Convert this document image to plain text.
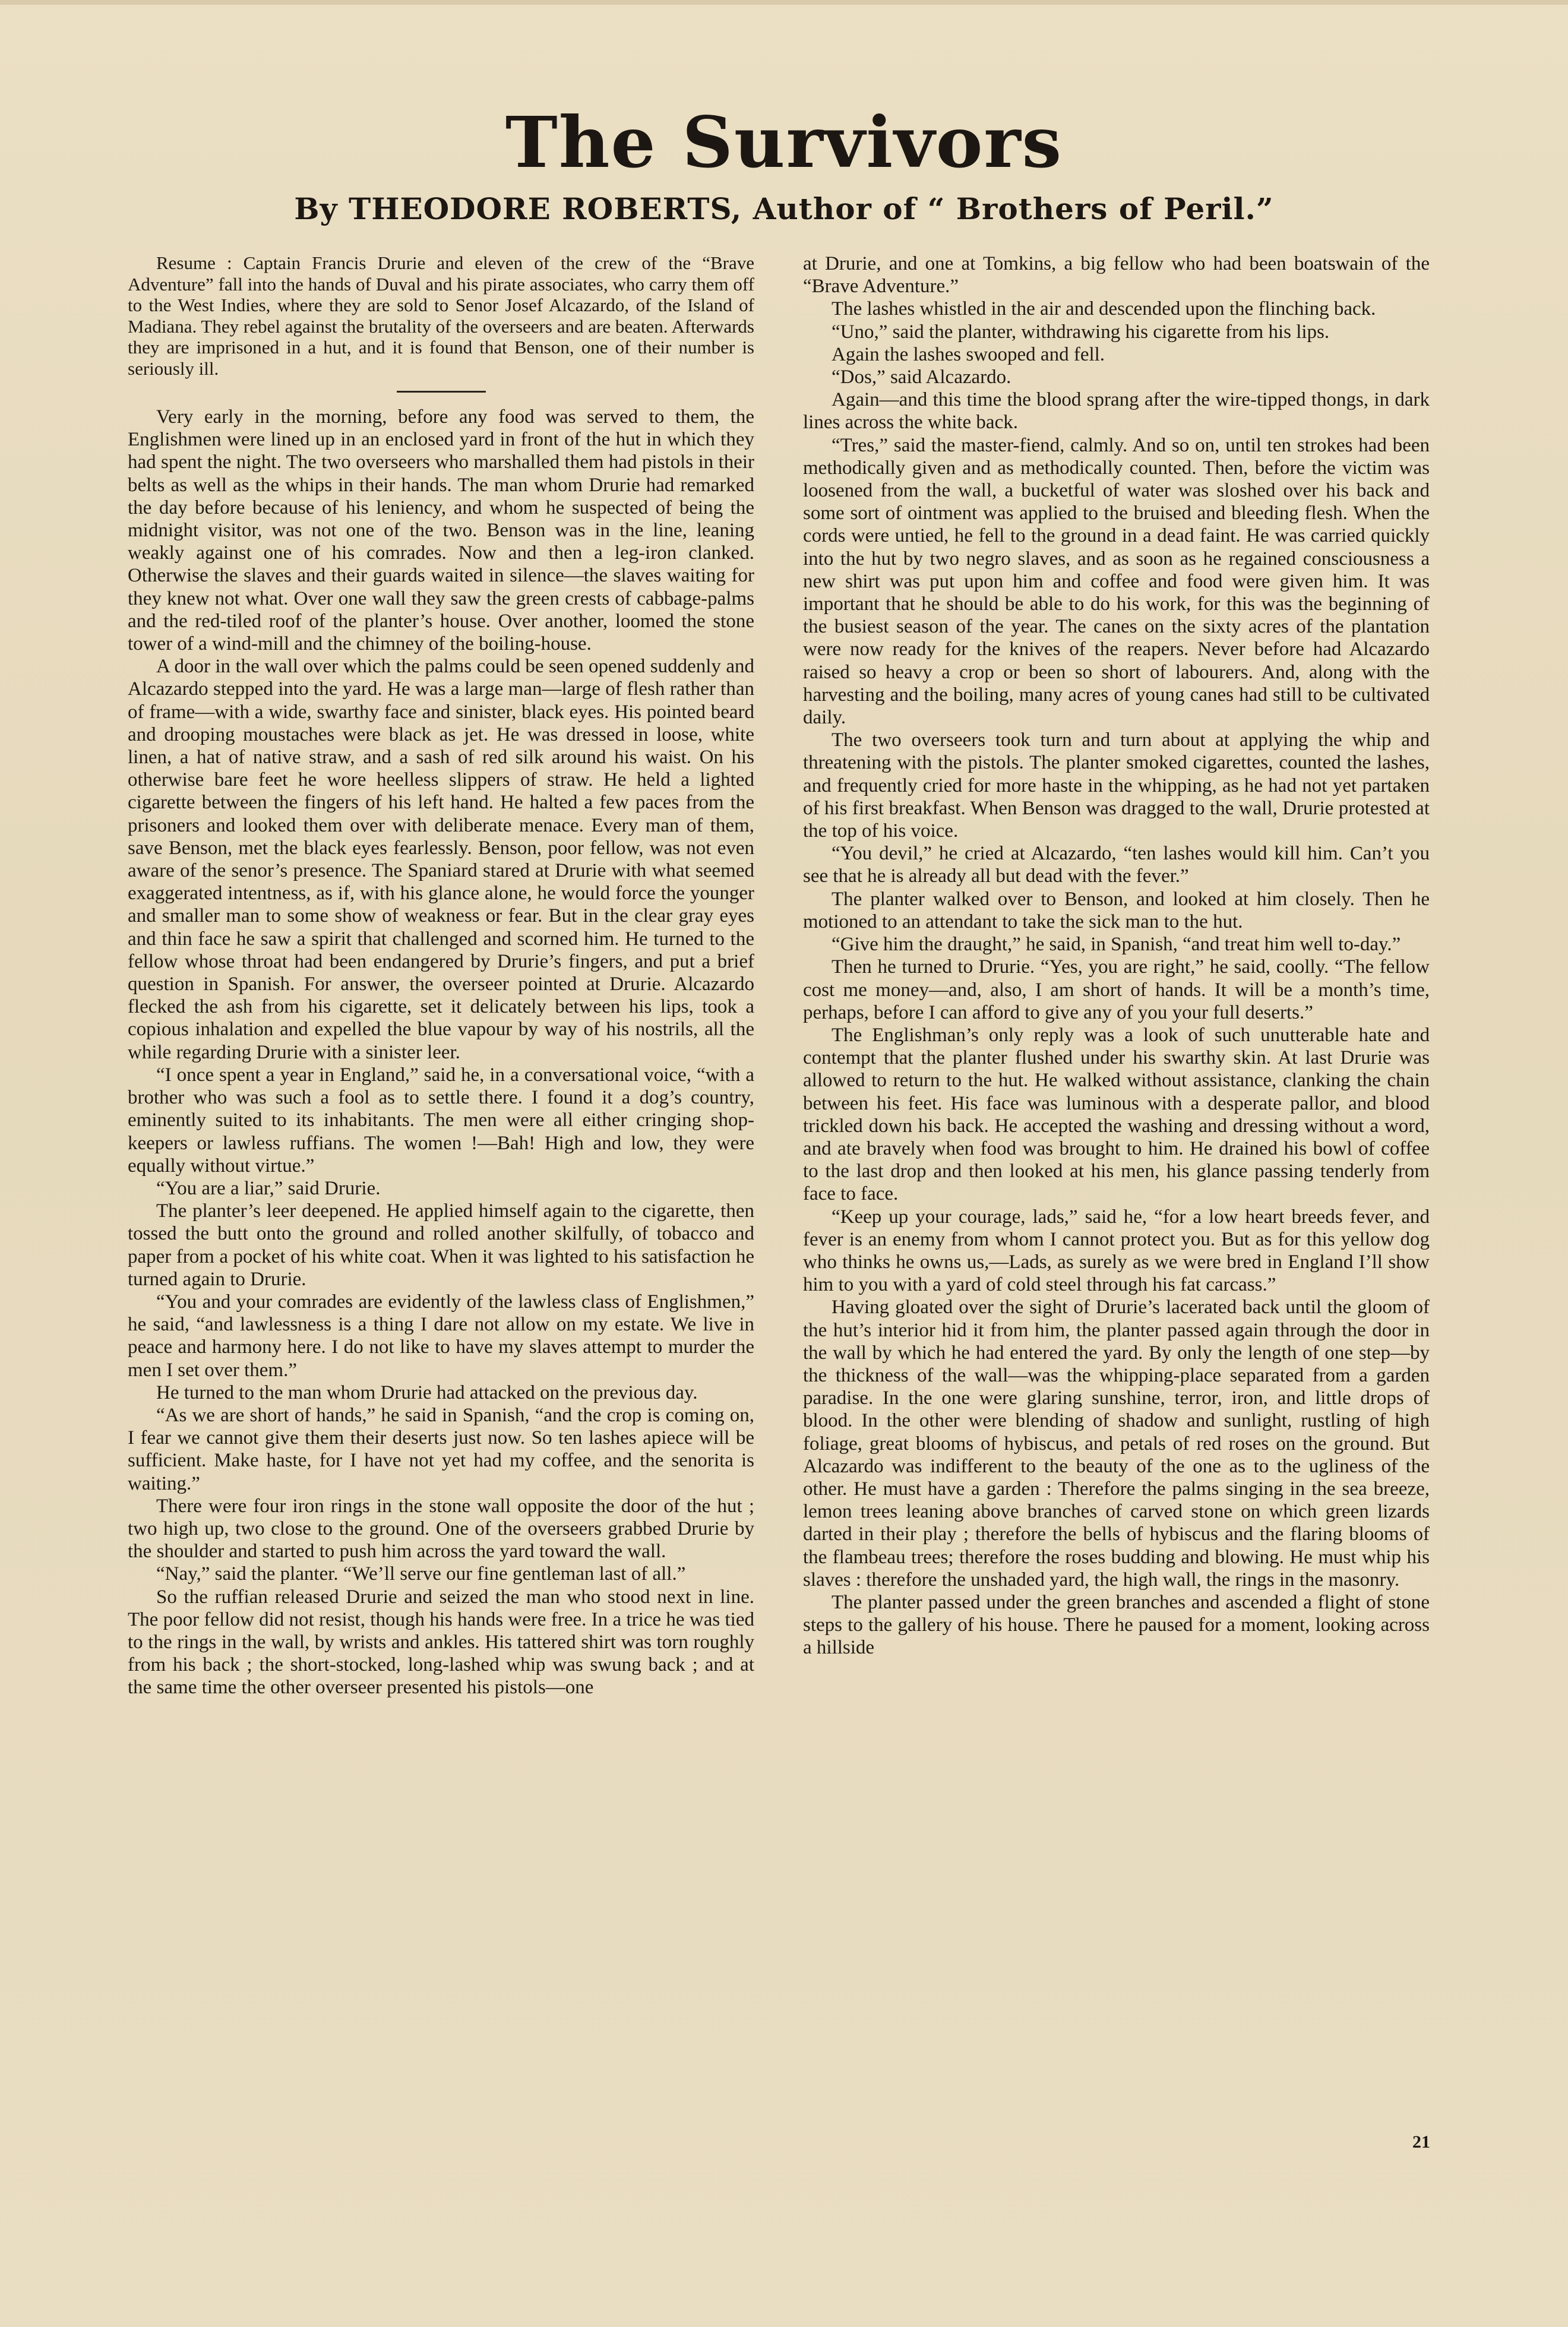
The Survivors
By THEODORE ROBERTS, Author of “ Brothers of Peril.”

Resume : Captain Francis Drurie and eleven of the crew of the “Brave Adventure” fall into the hands of Duval and his pirate associates, who carry them off to the West Indies, where they are sold to Senor Josef Alcazardo, of the Island of Madiana. They rebel against the brutality of the overseers and are beaten. Afterwards they are imprisoned in a hut, and it is found that Benson, one of their number is seriously ill.

Very early in the morning, before any food was served to them, the Englishmen were lined up in an enclosed yard in front of the hut in which they had spent the night. The two overseers who marshalled them had pistols in their belts as well as the whips in their hands. The man whom Drurie had remarked the day before because of his leniency, and whom he suspected of being the midnight visitor, was not one of the two. Benson was in the line, leaning weakly against one of his comrades. Now and then a leg-iron clanked. Otherwise the slaves and their guards waited in silence—the slaves waiting for they knew not what. Over one wall they saw the green crests of cabbage-palms and the red-tiled roof of the planter’s house. Over another, loomed the stone tower of a wind-mill and the chimney of the boiling-house.

A door in the wall over which the palms could be seen opened suddenly and Alcazardo stepped into the yard. He was a large man—large of flesh rather than of frame—with a wide, swarthy face and sinister, black eyes. His pointed beard and drooping moustaches were black as jet. He was dressed in loose, white linen, a hat of native straw, and a sash of red silk around his waist. On his otherwise bare feet he wore heelless slippers of straw. He held a lighted cigarette between the fingers of his left hand. He halted a few paces from the prisoners and looked them over with deliberate menace. Every man of them, save Benson, met the black eyes fearlessly. Benson, poor fellow, was not even aware of the senor’s presence. The Spaniard stared at Drurie with what seemed exaggerated intentness, as if, with his glance alone, he would force the younger and smaller man to some show of weakness or fear. But in the clear gray eyes and thin face he saw a spirit that challenged and scorned him. He turned to the fellow whose throat had been endangered by Drurie’s fingers, and put a brief question in Spanish. For answer, the overseer pointed at Drurie. Alcazardo flecked the ash from his cigarette, set it delicately between his lips, took a copious inhalation and expelled the blue vapour by way of his nostrils, all the while regarding Drurie with a sinister leer.

“I once spent a year in England,” said he, in a conversational voice, “with a brother who was such a fool as to settle there. I found it a dog’s country, eminently suited to its inhabitants. The men were all either cringing shop-keepers or lawless ruffians. The women !—Bah! High and low, they were equally without virtue.”

“You are a liar,” said Drurie.

The planter’s leer deepened. He applied himself again to the cigarette, then tossed the butt onto the ground and rolled another skilfully, of tobacco and paper from a pocket of his white coat. When it was lighted to his satisfaction he turned again to Drurie.

“You and your comrades are evidently of the lawless class of Englishmen,” he said, “and lawlessness is a thing I dare not allow on my estate. We live in peace and harmony here. I do not like to have my slaves attempt to murder the men I set over them.”

He turned to the man whom Drurie had attacked on the previous day.

“As we are short of hands,” he said in Spanish, “and the crop is coming on, I fear we cannot give them their deserts just now. So ten lashes apiece will be sufficient. Make haste, for I have not yet had my coffee, and the senorita is waiting.”

There were four iron rings in the stone wall opposite the door of the hut ; two high up, two close to the ground. One of the overseers grabbed Drurie by the shoulder and started to push him across the yard toward the wall.

“Nay,” said the planter. “We’ll serve our fine gentleman last of all.”

So the ruffian released Drurie and seized the man who stood next in line. The poor fellow did not resist, though his hands were free. In a trice he was tied to the rings in the wall, by wrists and ankles. His tattered shirt was torn roughly from his back ; the short-stocked, long-lashed whip was swung back ; and at the same time the other overseer presented his pistols—one

at Drurie, and one at Tomkins, a big fellow who had been boatswain of the “Brave Adventure.”

The lashes whistled in the air and descended upon the flinching back.

“Uno,” said the planter, withdrawing his cigarette from his lips.

Again the lashes swooped and fell.

“Dos,” said Alcazardo.

Again—and this time the blood sprang after the wire-tipped thongs, in dark lines across the white back.

“Tres,” said the master-fiend, calmly. And so on, until ten strokes had been methodically given and as methodically counted. Then, before the victim was loosened from the wall, a bucketful of water was sloshed over his back and some sort of ointment was applied to the bruised and bleeding flesh. When the cords were untied, he fell to the ground in a dead faint. He was carried quickly into the hut by two negro slaves, and as soon as he regained consciousness a new shirt was put upon him and coffee and food were given him. It was important that he should be able to do his work, for this was the beginning of the busiest season of the year. The canes on the sixty acres of the plantation were now ready for the knives of the reapers. Never before had Alcazardo raised so heavy a crop or been so short of labourers. And, along with the harvesting and the boiling, many acres of young canes had still to be cultivated daily.

The two overseers took turn and turn about at applying the whip and threatening with the pistols. The planter smoked cigarettes, counted the lashes, and frequently cried for more haste in the whipping, as he had not yet partaken of his first breakfast. When Benson was dragged to the wall, Drurie protested at the top of his voice.

“You devil,” he cried at Alcazardo, “ten lashes would kill him. Can’t you see that he is already all but dead with the fever.”

The planter walked over to Benson, and looked at him closely. Then he motioned to an attendant to take the sick man to the hut.

“Give him the draught,” he said, in Spanish, “and treat him well to-day.”

Then he turned to Drurie. “Yes, you are right,” he said, coolly. “The fellow cost me money—and, also, I am short of hands. It will be a month’s time, perhaps, before I can afford to give any of you your full deserts.”

The Englishman’s only reply was a look of such unutterable hate and contempt that the planter flushed under his swarthy skin. At last Drurie was allowed to return to the hut. He walked without assistance, clanking the chain between his feet. His face was luminous with a desperate pallor, and blood trickled down his back. He accepted the washing and dressing without a word, and ate bravely when food was brought to him. He drained his bowl of coffee to the last drop and then looked at his men, his glance passing tenderly from face to face.

“Keep up your courage, lads,” said he, “for a low heart breeds fever, and fever is an enemy from whom I cannot protect you. But as for this yellow dog who thinks he owns us,—Lads, as surely as we were bred in England I’ll show him to you with a yard of cold steel through his fat carcass.”

Having gloated over the sight of Drurie’s lacerated back until the gloom of the hut’s interior hid it from him, the planter passed again through the door in the wall by which he had entered the yard. By only the length of one step—by the thickness of the wall—was the whipping-place separated from a garden paradise. In the one were glaring sunshine, terror, iron, and little drops of blood. In the other were blending of shadow and sunlight, rustling of high foliage, great blooms of hybiscus, and petals of red roses on the ground. But Alcazardo was indifferent to the beauty of the one as to the ugliness of the other. He must have a garden : Therefore the palms singing in the sea breeze, lemon trees leaning above branches of carved stone on which green lizards darted in their play ; therefore the bells of hybiscus and the flaring blooms of the flambeau trees; therefore the roses budding and blowing. He must whip his slaves : therefore the unshaded yard, the high wall, the rings in the masonry.

The planter passed under the green branches and ascended a flight of stone steps to the gallery of his house. There he paused for a moment, looking across a hillside

21
